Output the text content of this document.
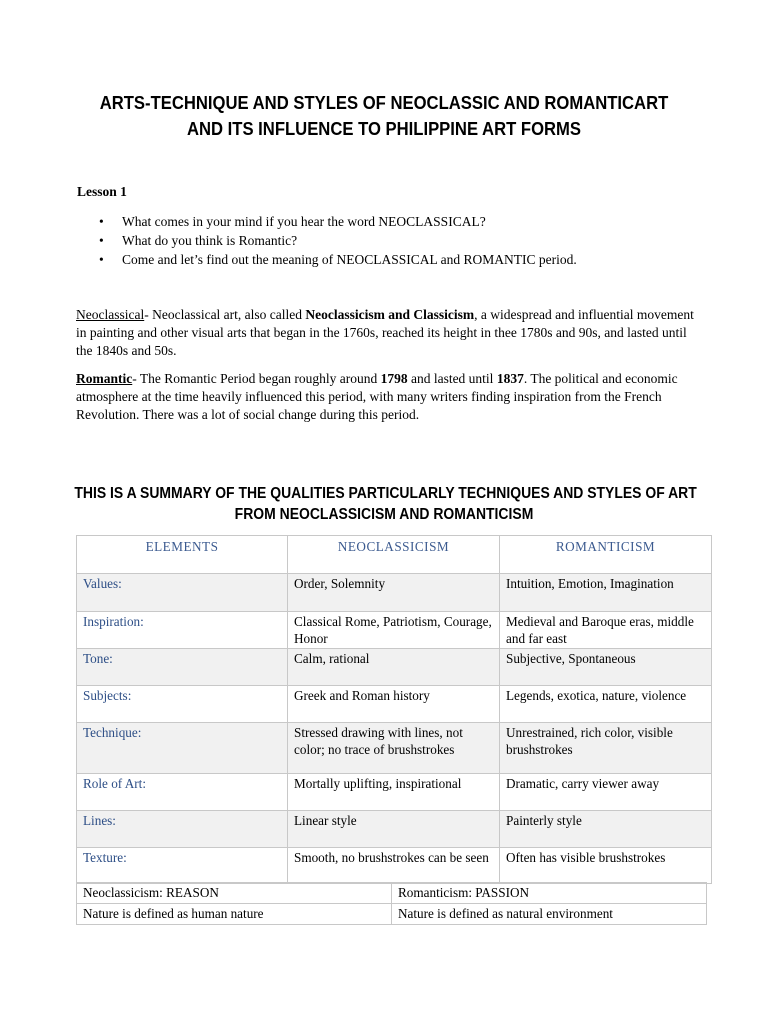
ARTS-TECHNIQUE AND STYLES OF NEOCLASSIC AND ROMANTICART
AND ITS INFLUENCE TO PHILIPPINE ART FORMS
Lesson 1
• What comes in your mind if you hear the word NEOCLASSICAL?
• What do you think is Romantic?
• Come and let’s find out the meaning of NEOCLASSICAL and ROMANTIC period.
Neoclassical- Neoclassical art, also called Neoclassicism and Classicism, a widespread and influential movement in painting and other visual arts that began in the 1760s, reached its height in thee 1780s and 90s, and lasted until the 1840s and 50s.
Romantic- The Romantic Period began roughly around 1798 and lasted until 1837. The political and economic atmosphere at the time heavily influenced this period, with many writers finding inspiration from the French Revolution. There was a lot of social change during this period.
THIS IS A SUMMARY OF THE QUALITIES PARTICULARLY TECHNIQUES AND STYLES OF ART
FROM NEOCLASSICISM AND ROMANTICISM
ELEMENTS	NEOCLASSICISM	ROMANTICISM
Values:	Order, Solemnity	Intuition, Emotion, Imagination
Inspiration:	Classical Rome, Patriotism, Courage, Honor	Medieval and Baroque eras, middle and far east
Tone:	Calm, rational	Subjective, Spontaneous
Subjects:	Greek and Roman history	Legends, exotica, nature, violence
Technique:	Stressed drawing with lines, not color; no trace of brushstrokes	Unrestrained, rich color, visible brushstrokes
Role of Art:	Mortally uplifting, inspirational	Dramatic, carry viewer away
Lines:	Linear style	Painterly style
Texture:	Smooth, no brushstrokes can be seen	Often has visible brushstrokes
Neoclassicism: REASON	Romanticism: PASSION
Nature is defined as human nature	Nature is defined as natural environment
